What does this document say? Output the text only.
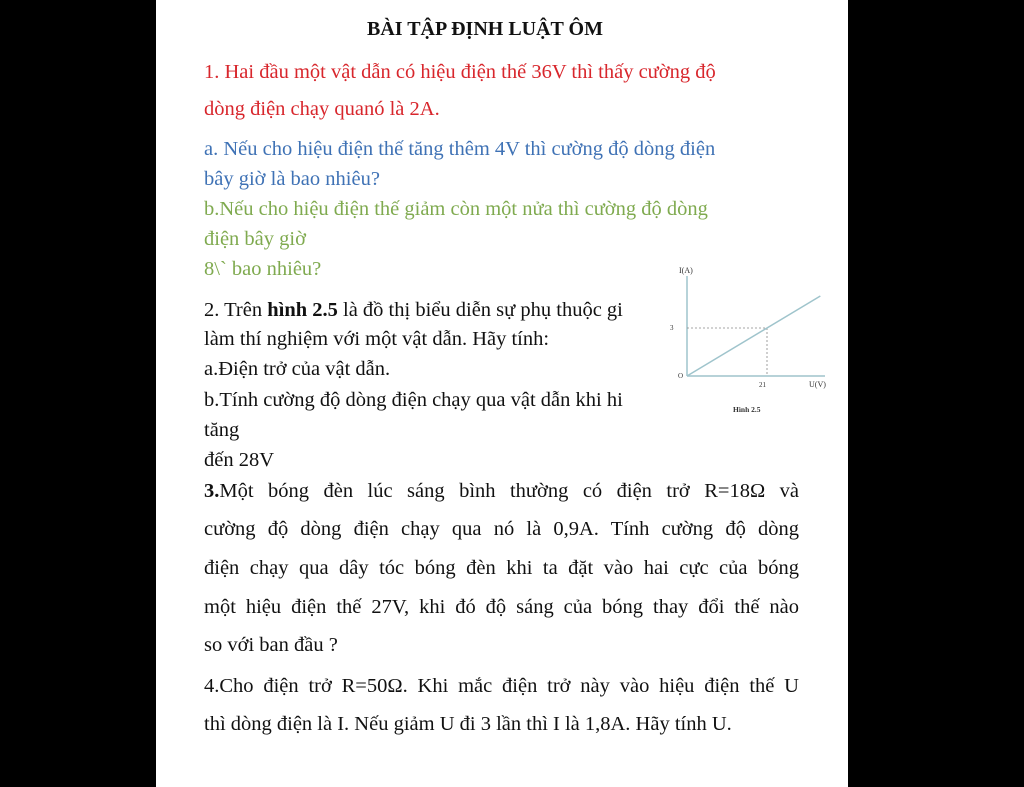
BÀI TẬP ĐỊNH LUẬT ÔM
1. Hai đầu một vật dẫn có hiệu điện thế 36V thì thấy cường độ
dòng điện chạy quanó là 2A.
a. Nếu cho hiệu điện thế tăng thêm 4V thì cường độ dòng điện
bây giờ là bao nhiêu?
b.Nếu cho hiệu điện thế giảm còn một nửa thì cường độ dòng
điện bây giờ
8\` bao nhiêu?
2. Trên hình 2.5 là đồ thị biểu diễn sự phụ thuộc gi
làm thí nghiệm với một vật dẫn. Hãy tính:
a.Điện trở của vật dẫn.
b.Tính cường độ dòng điện chạy qua vật dẫn khi hi
tăng
đến 28V
I(A)
U(V)
O
3
21
Hình 2.5
3.Một bóng đèn lúc sáng bình thường có điện trở R=18Ω và
cường độ dòng điện chạy qua nó là 0,9A. Tính cường độ dòng
điện chạy qua dây tóc bóng đèn khi ta đặt vào hai cực của bóng
một hiệu điện thế 27V, khi đó độ sáng của bóng thay đổi thế nào
so với ban đầu ?
4.Cho điện trở R=50Ω. Khi mắc điện trở này vào hiệu điện thế U
thì dòng điện là I. Nếu giảm U đi 3 lần thì I là 1,8A. Hãy tính U.
